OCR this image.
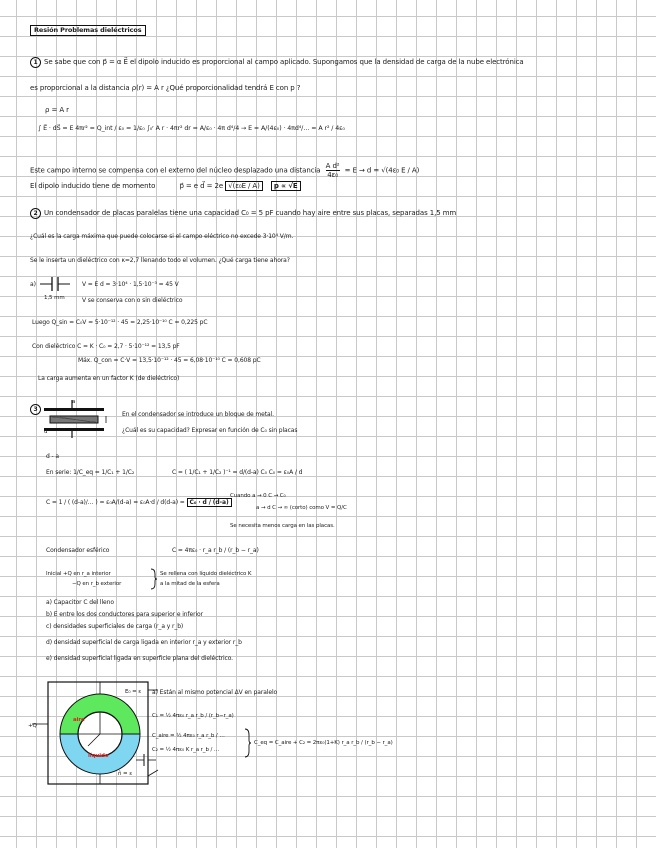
Resión Problemas dieléctricos
1 Se sabe que con p⃗ = α E⃗ el dipolo inducido es proporcional al campo aplicado. Supongamos que la densidad de carga de la nube electrónica
es proporcional a la distancia ρ(r) = A r ¿Qué proporcionalidad tendrá E con p ?
ρ = A r
∫ E⃗ · dS⃗ = E 4πr² = Q_int / ε₀ = 1/ε₀ ∫₀ʳ A r · 4πr² dr = A/ε₀ · 4π d⁴/4 → E = A/(4ε₀) · 4πd⁴/… = A r² / 4ε₀
Este campo interno se compensa con el externo del núcleo desplazado una distancia $\frac{\text{A d²}}{\text{4ε₀}} = E \to d = √(4\varepsilon_0$ E / A)
El dipolo inducido tiene de momento	p⃗ = e d⃗ = 2e √(ε₀E / A) p ∝ √E
2 Un condensador de placas paralelas tiene una capacidad C₀ = 5 pF cuando hay aire entre sus placas, separadas 1,5 mm
¿Cuál es la carga máxima que puede colocarse si el campo eléctrico no excede 3·10⁴ V/m.
Se le inserta un dieléctrico con κ=2,7 llenando todo el volumen. ¿Qué carga tiene ahora?
a)
1,5 mm
V = E d = 3·10⁴ · 1,5·10⁻³ = 45 V
V se conserva con o sin dieléctrico
Luego Q_sin = C₀V = 5·10⁻¹² · 45 = 2,25·10⁻¹⁰ C = 0,225 pC
Con dieléctrico C = K · C₀ = 2,7 · 5·10⁻¹² = 13,5 pF
Máx. Q_con = C·V = 13,5·10⁻¹² · 45 = 6,08·10⁻¹⁰ C = 0,608 pC
La carga aumenta en un factor K (de dieléctrico)
3
a
d
En el condensador se introduce un bloque de metal.
¿Cuál es su capacidad? Expresar en función de C₀ sin placas
d - a
En serie: 1/C_eq = 1/C₁ + 1/C₂	C = ( 1/C₁ + 1/C₂ )⁻¹ = d/(d-a) C₀ C₀ = ε₀A / d
C = 1 / ( (d-a)/… ) = ε₀A/(d-a) = ε₀A·d / d(d-a) = C₀ · d / (d-a)
Cuando a → 0 C → C₀
a → d C → ∞ (corto) como V = Q/C
Se necesita menos carga en las placas.
Condensador esférico	C = 4πε₀ · r_a r_b / (r_b − r_a)
Inicial +Q en r_a interior
−Q en r_b exterior
Se rellena con líquido dieléctrico K
a la mitad de la esfera
a) Capacitor C del lleno
b) E entre los dos conductores para superior e inferior
c) densidades superficiales de carga (r_a y r_b)
d) densidad superficial de carga ligada en interior r_a y exterior r_b
e) densidad superficial ligada en superficie plana del dieléctrico.
E₀ = ε
aire
líquido
+Q
n̂ = ε
a) Están al mismo potencial ΔV en paralelo
C₁ = ½ 4πε₀ r_a r_b / (r_b−r_a)
C_aire = ½ 4πε₀ r_a r_b / …
C₂ = ½ 4πε₀ K r_a r_b / …
C_eq = C_aire + C₂ = 2πε₀(1+K) r_a r_b / (r_b − r_a)
